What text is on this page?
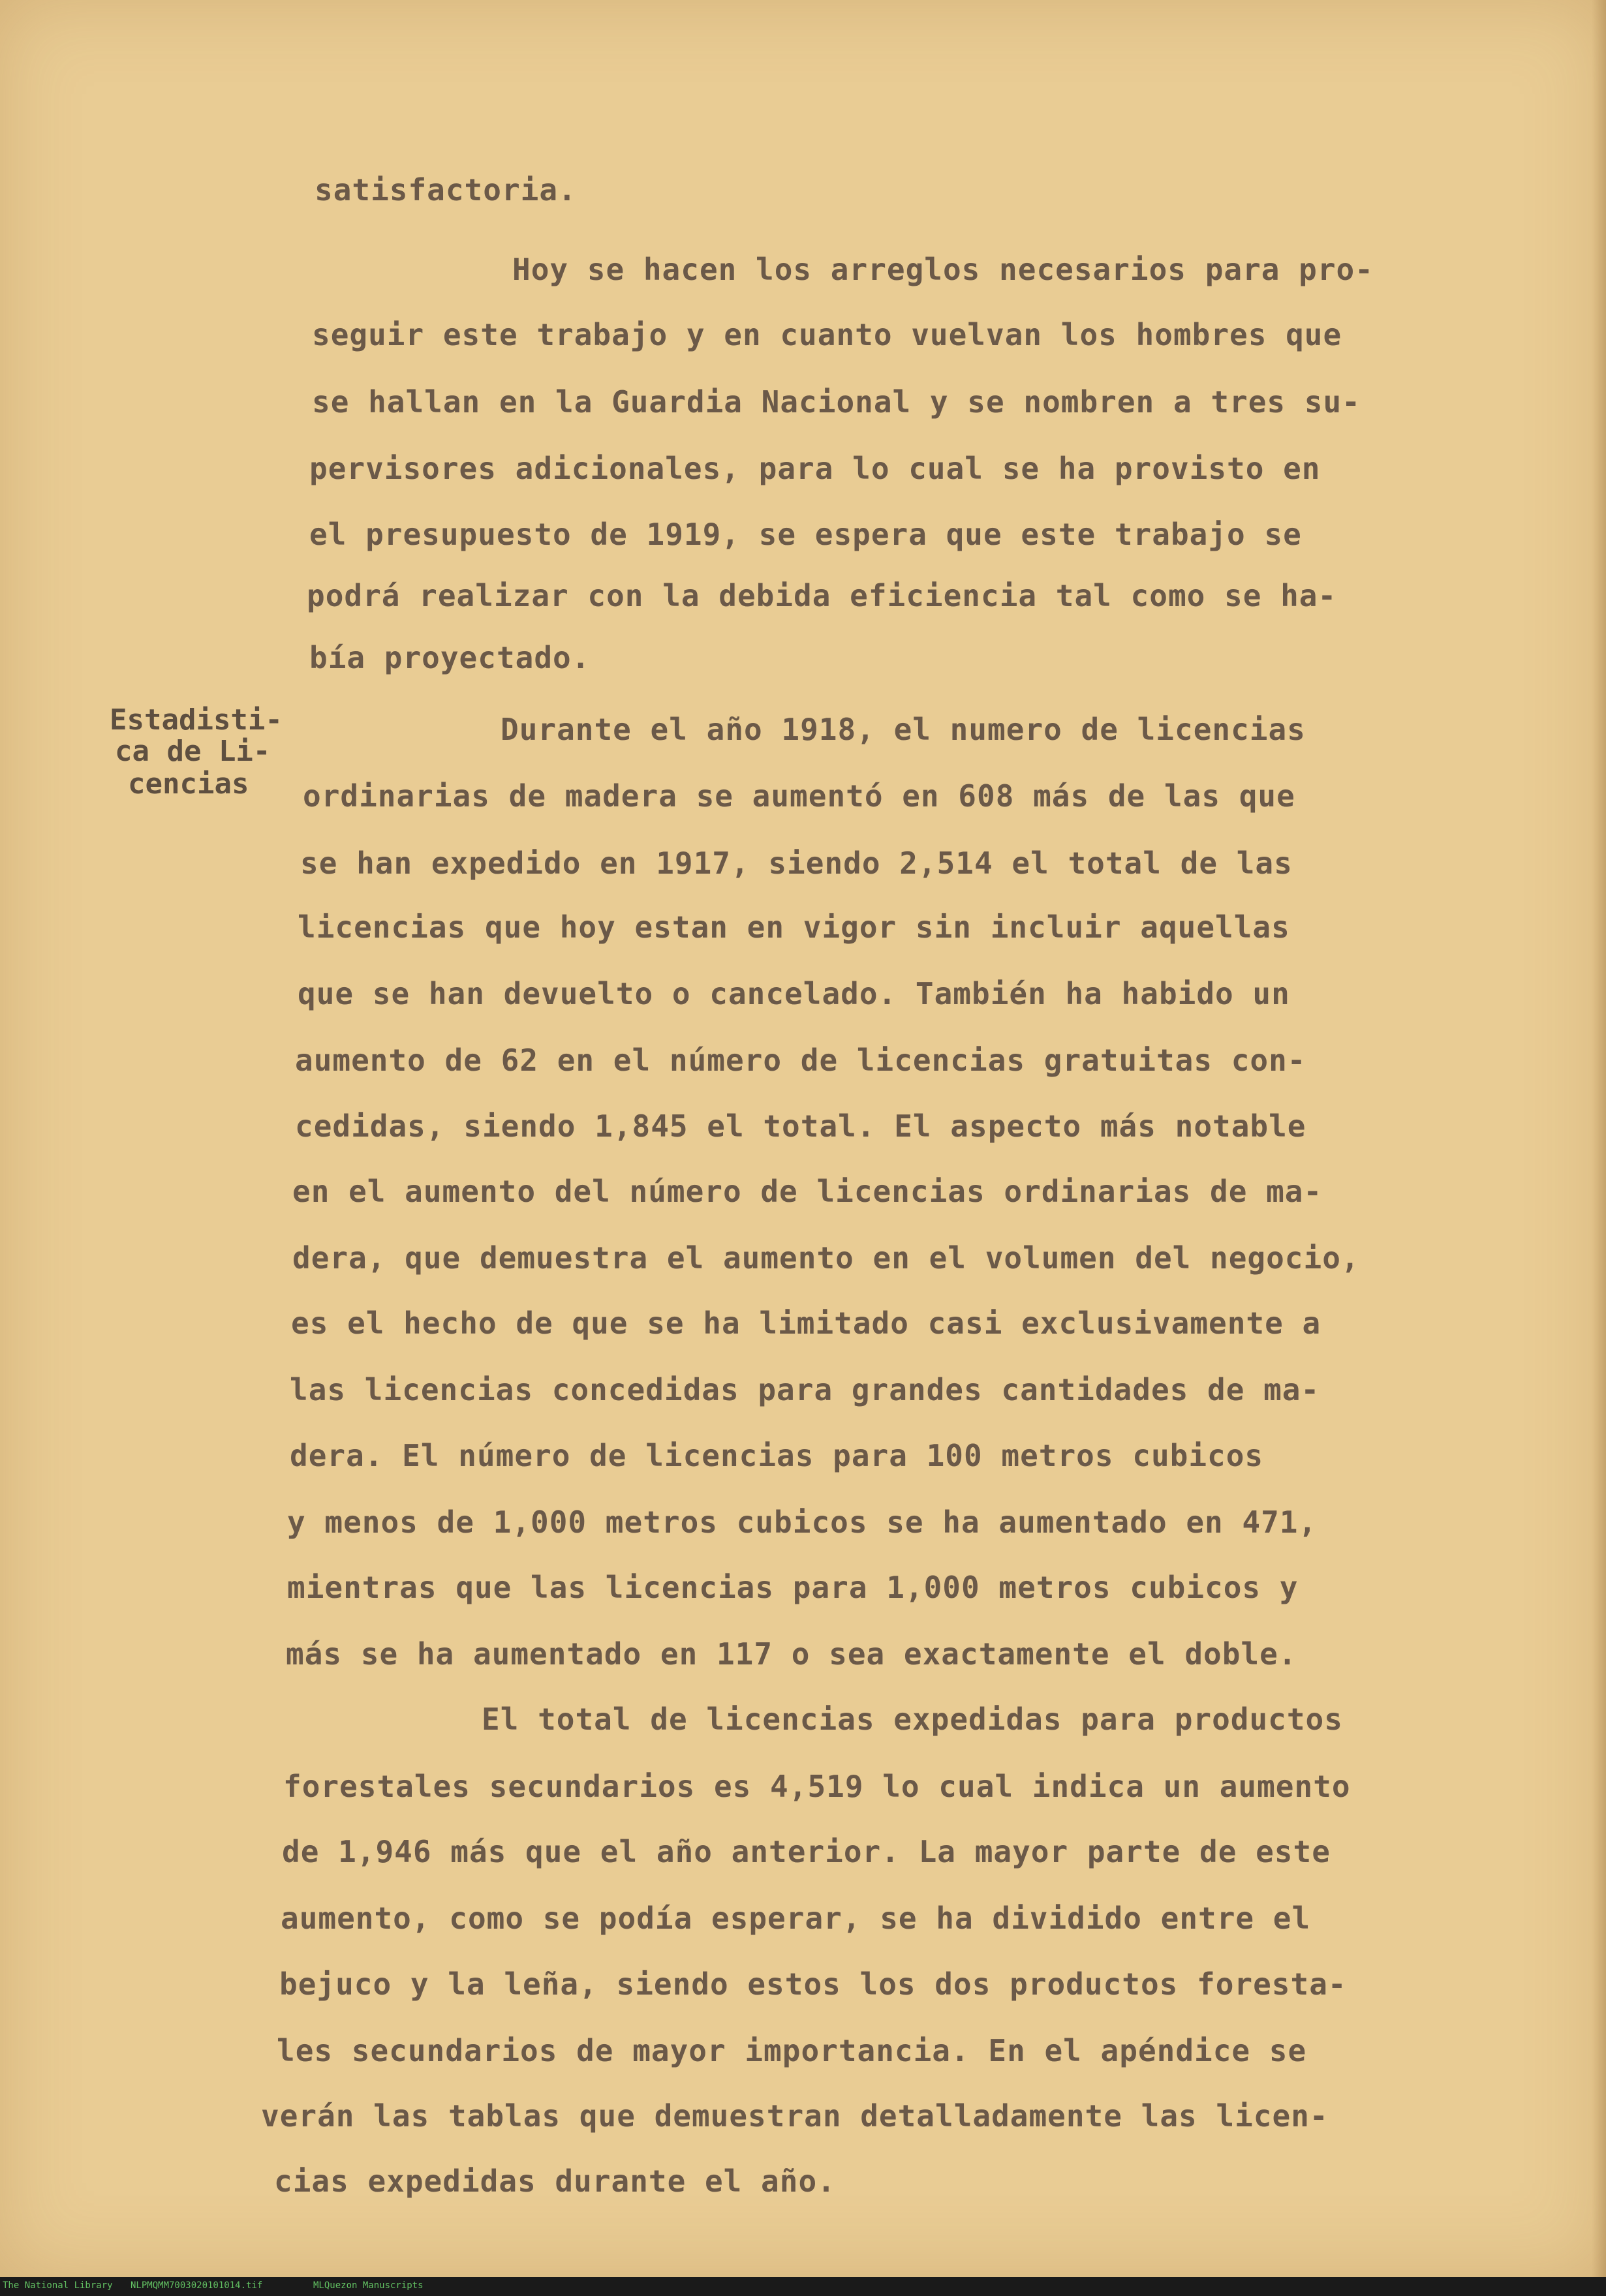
Estadisti-
ca de Li-
cencias
satisfactoria.
Hoy se hacen los arreglos necesarios para pro-
seguir este trabajo y en cuanto vuelvan los hombres que
se hallan en la Guardia Nacional y se nombren a tres su-
pervisores adicionales, para lo cual se ha provisto en
el presupuesto de 1919, se espera que este trabajo se
podrá realizar con la debida eficiencia tal como se ha-
bía proyectado.
Durante el año 1918, el numero de licencias
ordinarias de madera se aumentó en 608 más de las que
se han expedido en 1917, siendo 2,514 el total de las
licencias que hoy estan en vigor sin incluir aquellas
que se han devuelto o cancelado. También ha habido un
aumento de 62 en el número de licencias gratuitas con-
cedidas, siendo 1,845 el total. El aspecto más notable
en el aumento del número de licencias ordinarias de ma-
dera, que demuestra el aumento en el volumen del negocio,
es el hecho de que se ha limitado casi exclusivamente a
las licencias concedidas para grandes cantidades de ma-
dera. El número de licencias para 100 metros cubicos
y menos de 1,000 metros cubicos se ha aumentado en 471,
mientras que las licencias para 1,000 metros cubicos y
más se ha aumentado en 117 o sea exactamente el doble.
El total de licencias expedidas para productos
forestales secundarios es 4,519 lo cual indica un aumento
de 1,946 más que el año anterior. La mayor parte de este
aumento, como se podía esperar, se ha dividido entre el
bejuco y la leña, siendo estos los dos productos foresta-
les secundarios de mayor importancia. En el apéndice se
verán las tablas que demuestran detalladamente las licen-
cias expedidas durante el año.
The National Library NLPMQMM7003020101014.tif	MLQuezon Manuscripts
